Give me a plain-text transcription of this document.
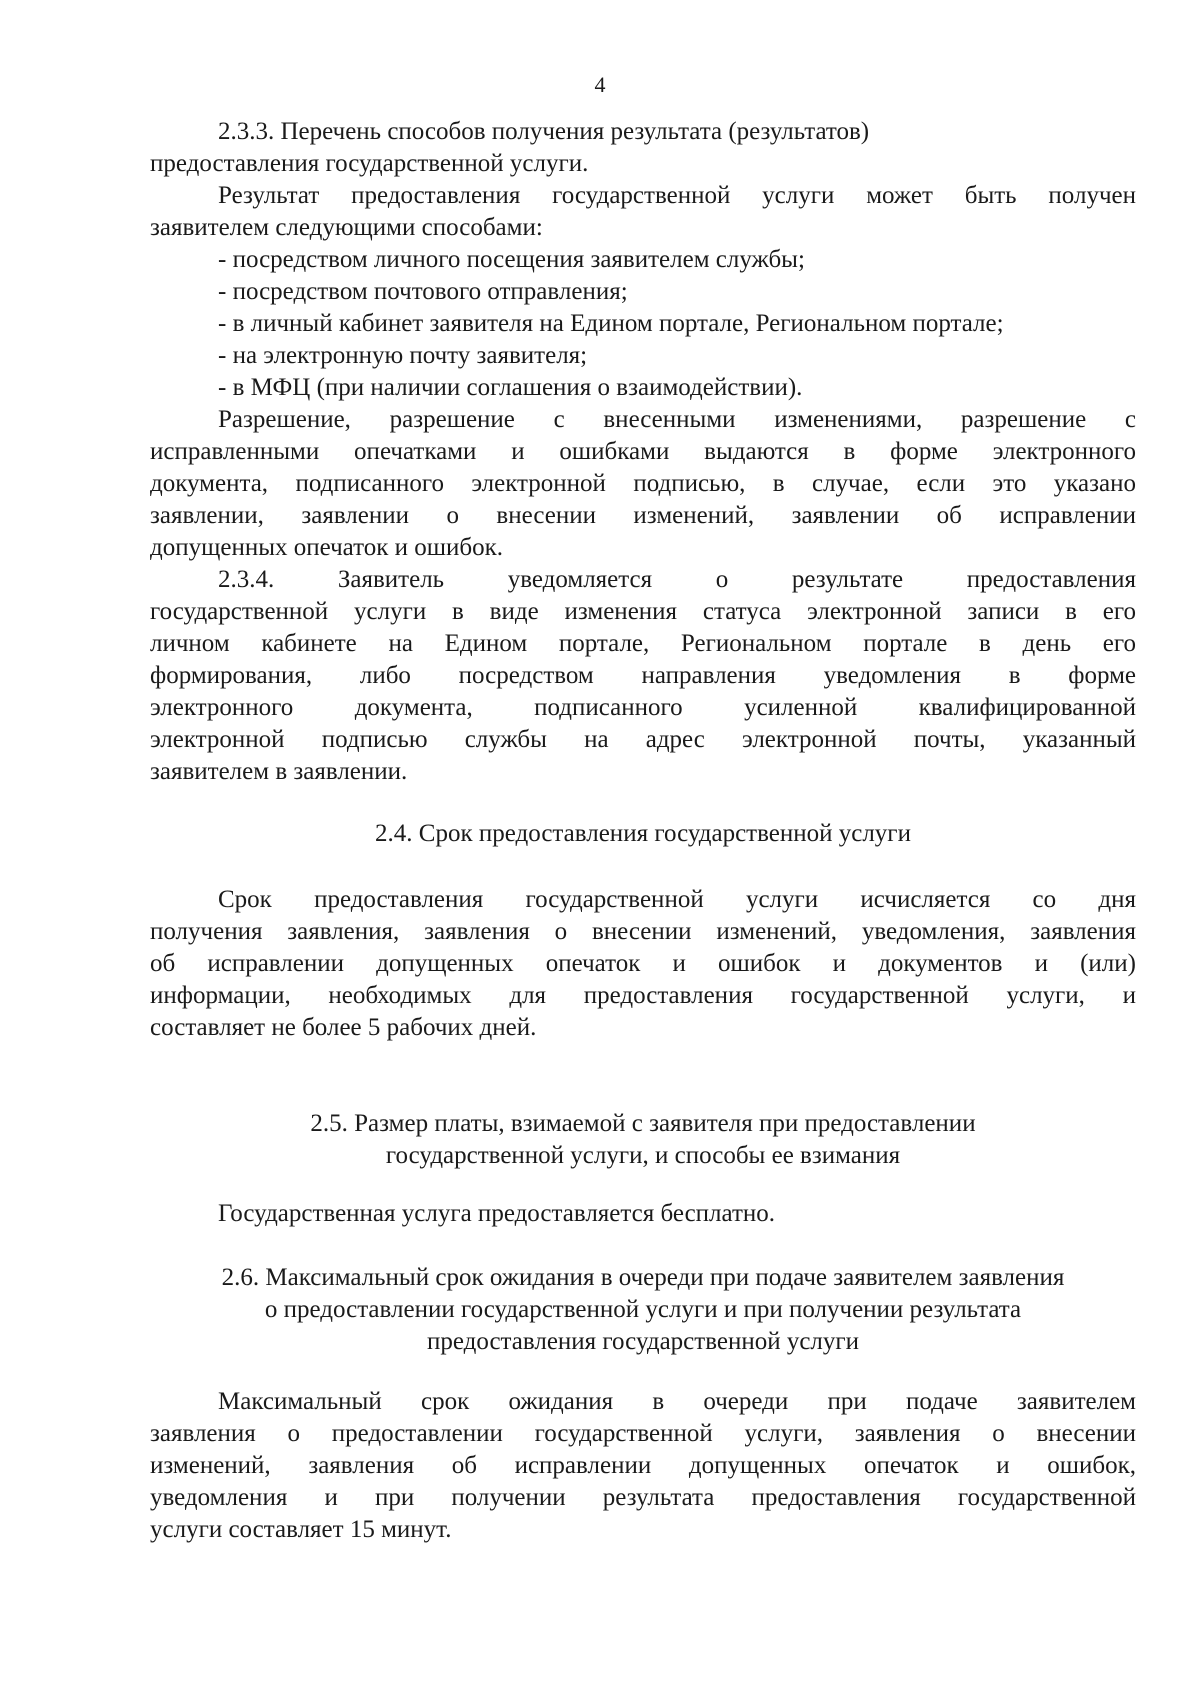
4
2.3.3. Перечень способов получения результата (результатов)
предоставления государственной услуги.
Результат предоставления государственной услуги может быть получен
заявителем следующими способами:
- посредством личного посещения заявителем службы;
- посредством почтового отправления;
- в личный кабинет заявителя на Едином портале, Региональном портале;
- на электронную почту заявителя;
- в МФЦ (при наличии соглашения о взаимодействии).
Разрешение, разрешение с внесенными изменениями, разрешение с
исправленными опечатками и ошибками выдаются в форме электронного
документа, подписанного электронной подписью, в случае, если это указано
заявлении, заявлении о внесении изменений, заявлении об исправлении
допущенных опечаток и ошибок.
2.3.4. Заявитель уведомляется о результате предоставления
государственной услуги в виде изменения статуса электронной записи в его
личном кабинете на Едином портале, Региональном портале в день его
формирования, либо посредством направления уведомления в форме
электронного документа, подписанного усиленной квалифицированной
электронной подписью службы на адрес электронной почты, указанный
заявителем в заявлении.
2.4. Срок предоставления государственной услуги
Срок предоставления государственной услуги исчисляется со дня
получения заявления, заявления о внесении изменений, уведомления, заявления
об исправлении допущенных опечаток и ошибок и документов и (или)
информации, необходимых для предоставления государственной услуги, и
составляет не более 5 рабочих дней.
2.5. Размер платы, взимаемой с заявителя при предоставлении
государственной услуги, и способы ее взимания
Государственная услуга предоставляется бесплатно.
2.6. Максимальный срок ожидания в очереди при подаче заявителем заявления
о предоставлении государственной услуги и при получении результата
предоставления государственной услуги
Максимальный срок ожидания в очереди при подаче заявителем
заявления о предоставлении государственной услуги, заявления о внесении
изменений, заявления об исправлении допущенных опечаток и ошибок,
уведомления и при получении результата предоставления государственной
услуги составляет 15 минут.
